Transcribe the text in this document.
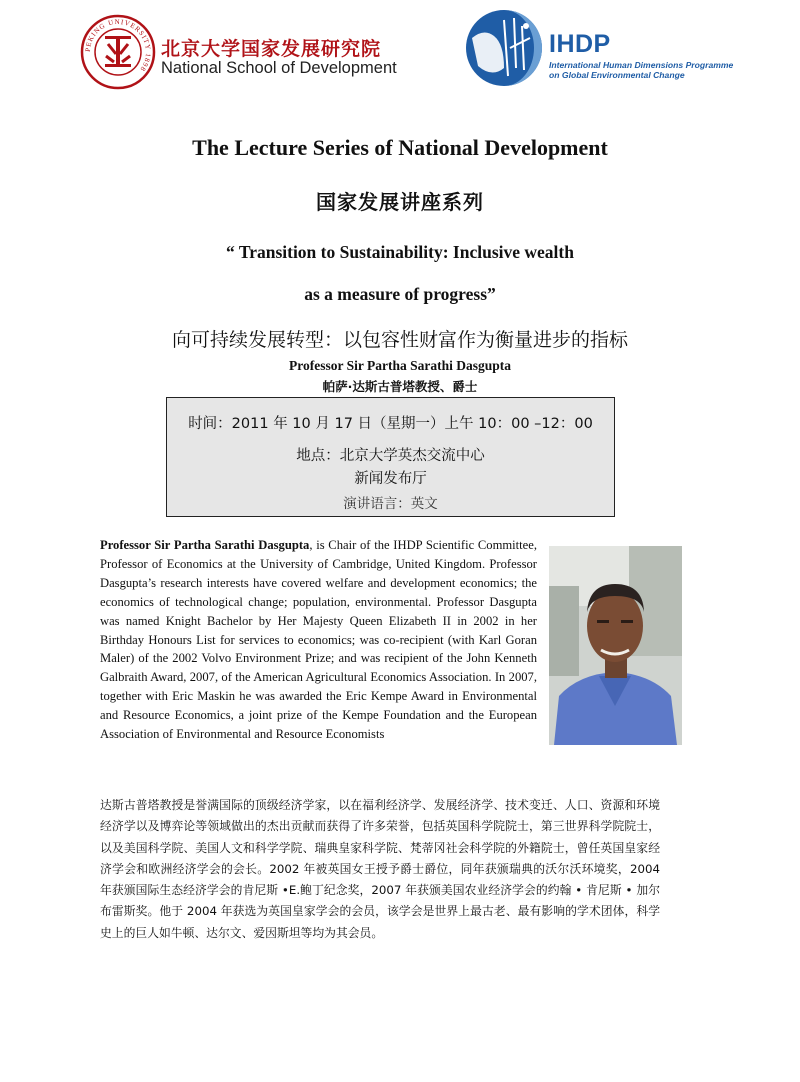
PEKING UNIVERSITY 1898
北京大学国家发展研究院
National School of Development
IHDP
International Human Dimensions Programme
on Global Environmental Change
The Lecture Series of National Development
国家发展讲座系列
“ Transition to Sustainability: Inclusive wealth
as a measure of progress”
向可持续发展转型：以包容性财富作为衡量进步的指标
Professor Sir Partha Sarathi Dasgupta
帕萨·达斯古普塔教授、爵士
时间：2011 年 10 月 17 日（星期一）上午 10：00 –12：00
地点：北京大学英杰交流中心
新闻发布厅
演讲语言：英文
Professor Sir Partha Sarathi Dasgupta, is Chair of the IHDP Scientific Committee, Professor of Economics at the University of Cambridge, United Kingdom. Professor Dasgupta’s research interests have covered welfare and development economics; the economics of technological change; population, environmental. Professor Dasgupta was named Knight Bachelor by Her Majesty Queen Elizabeth II in 2002 in her Birthday Honours List for services to economics; was co-recipient (with Karl Goran Maler) of the 2002 Volvo Environment Prize; and was recipient of the John Kenneth Galbraith Award, 2007, of the American Agricultural Economics Association. In 2007, together with Eric Maskin he was awarded the Eric Kempe Award in Environmental and Resource Economics, a joint prize of the Kempe Foundation and the European Association of Environmental and Resource Economists
达斯古普塔教授是誉满国际的顶级经济学家，以在福利经济学、发展经济学、技术变迁、人口、资源和环境经济学以及博弈论等领域做出的杰出贡献而获得了许多荣誉，包括英国科学院院士，第三世界科学院院士，以及美国科学院、美国人文和科学学院、瑞典皇家科学院、梵蒂冈社会科学院的外籍院士，曾任英国皇家经济学会和欧洲经济学会的会长。2002 年被英国女王授予爵士爵位，同年获颁瑞典的沃尔沃环境奖，2004 年获颁国际生态经济学会的肯尼斯 •E.鲍丁纪念奖，2007 年获颁美国农业经济学会的约翰 • 肯尼斯 • 加尔布雷斯奖。他于 2004 年获选为英国皇家学会的会员，该学会是世界上最古老、最有影响的学术团体，科学史上的巨人如牛顿、达尔文、爱因斯坦等均为其会员。
